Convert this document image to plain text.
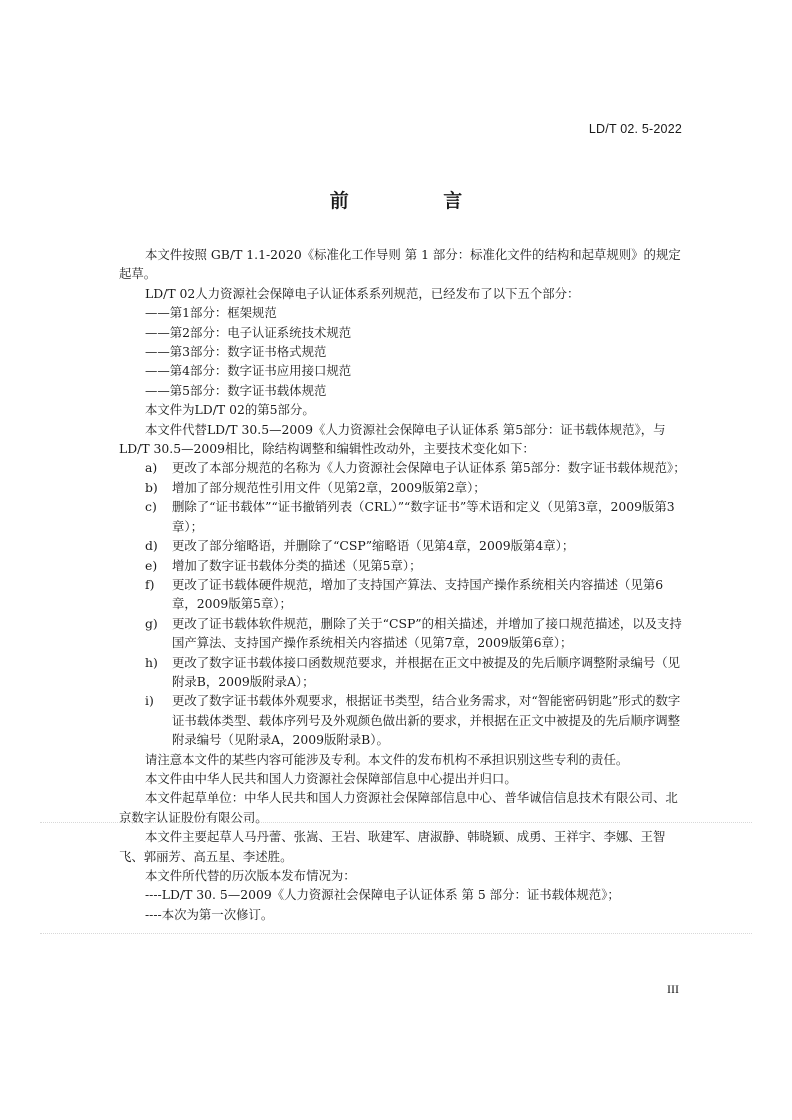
LD/T 02. 5-2022
前 言

本文件按照 GB/T 1.1-2020《标准化工作导则 第 1 部分：标准化文件的结构和起草规则》的规定起草。

LD/T 02人力资源社会保障电子认证体系系列规范，已经发布了以下五个部分：

——第1部分：框架规范

——第2部分：电子认证系统技术规范

——第3部分：数字证书格式规范

——第4部分：数字证书应用接口规范

——第5部分：数字证书载体规范

本文件为LD/T 02的第5部分。

本文件代替LD/T 30.5—2009《人力资源社会保障电子认证体系 第5部分：证书载体规范》，与LD/T 30.5—2009相比，除结构调整和编辑性改动外，主要技术变化如下：

a) 更改了本部分规范的名称为《人力资源社会保障电子认证体系 第5部分：数字证书载体规范》；

b) 增加了部分规范性引用文件（见第2章，2009版第2章）；

c) 删除了“证书载体”“证书撤销列表（CRL）”“数字证书”等术语和定义（见第3章，2009版第3章）；

d) 更改了部分缩略语，并删除了“CSP”缩略语（见第4章，2009版第4章）；

e) 增加了数字证书载体分类的描述（见第5章）；

f) 更改了证书载体硬件规范，增加了支持国产算法、支持国产操作系统相关内容描述（见第6章，2009版第5章）；

g) 更改了证书载体软件规范，删除了关于“CSP”的相关描述，并增加了接口规范描述，以及支持国产算法、支持国产操作系统相关内容描述（见第7章，2009版第6章）；

h) 更改了数字证书载体接口函数规范要求，并根据在正文中被提及的先后顺序调整附录编号（见附录B，2009版附录A）；

i) 更改了数字证书载体外观要求，根据证书类型，结合业务需求，对“智能密码钥匙”形式的数字证书载体类型、载体序列号及外观颜色做出新的要求，并根据在正文中被提及的先后顺序调整附录编号（见附录A，2009版附录B）。

请注意本文件的某些内容可能涉及专利。本文件的发布机构不承担识别这些专利的责任。

本文件由中华人民共和国人力资源社会保障部信息中心提出并归口。

本文件起草单位：中华人民共和国人力资源社会保障部信息中心、普华诚信信息技术有限公司、北京数字认证股份有限公司。

本文件主要起草人马丹蕾、张嵩、王岩、耿建军、唐淑静、韩晓颖、成勇、王祥宇、李娜、王智飞、郭丽芳、高五星、李述胜。

本文件所代替的历次版本发布情况为：

----LD/T 30. 5—2009《人力资源社会保障电子认证体系 第 5 部分：证书载体规范》；

----本次为第一次修订。

III
